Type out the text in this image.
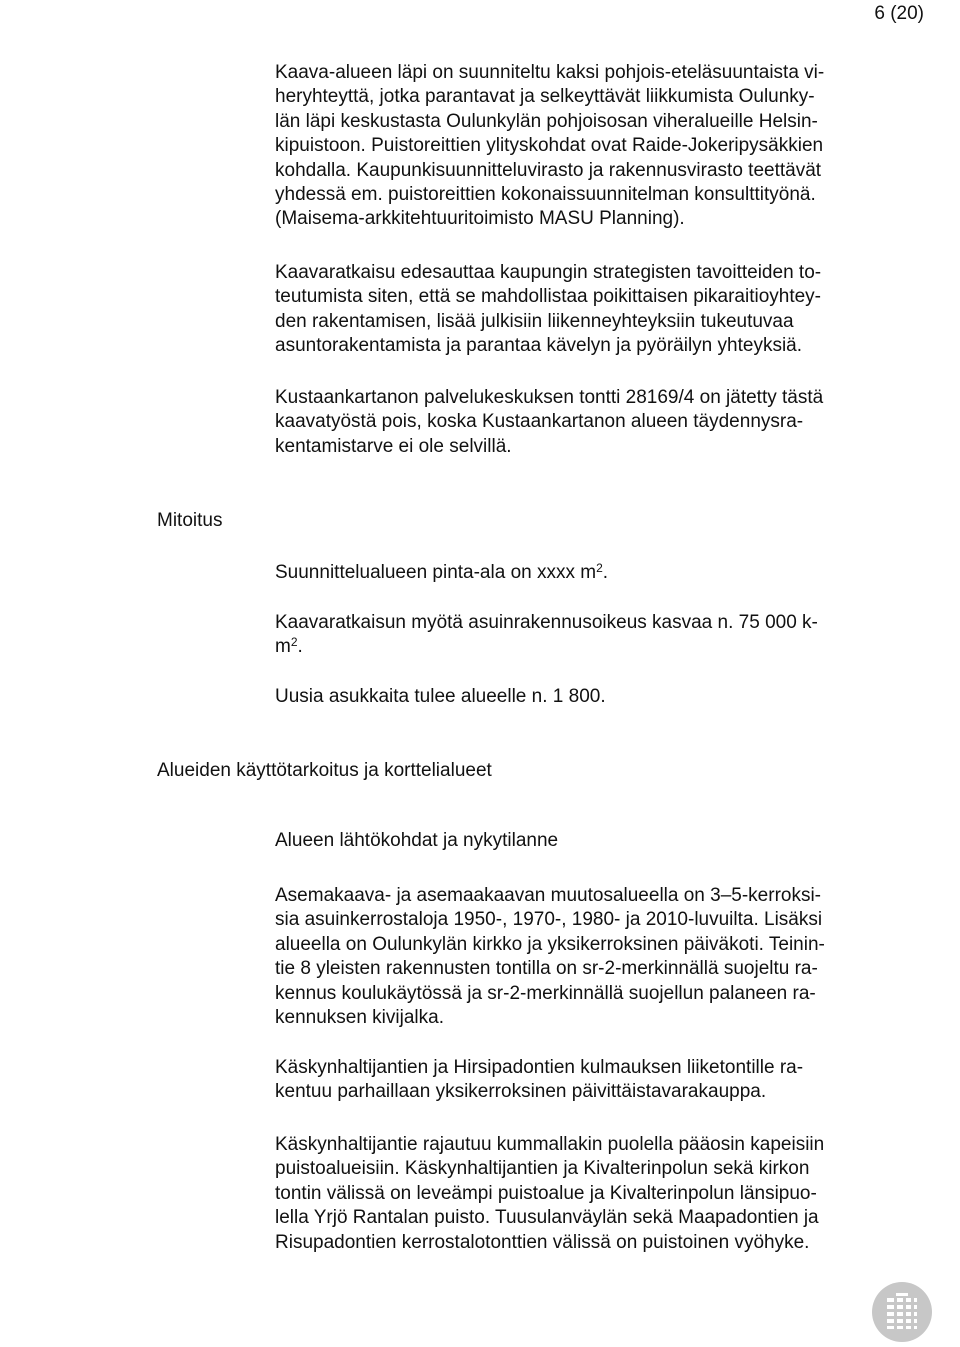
6 (20)
Kaava-alueen läpi on suunniteltu kaksi pohjois-eteläsuuntaista vi-
heryhteyttä, jotka parantavat ja selkeyttävät liikkumista Oulunky-
län läpi keskustasta Oulunkylän pohjoisosan viheralueille Helsin-
kipuistoon. Puistoreittien ylityskohdat ovat Raide-Jokeripysäkkien
kohdalla. Kaupunkisuunnitteluvirasto ja rakennusvirasto teettävät
yhdessä em. puistoreittien kokonaissuunnitelman konsulttityönä.
(Maisema-arkkitehtuuritoimisto MASU Planning).
Kaavaratkaisu edesauttaa kaupungin strategisten tavoitteiden to-
teutumista siten, että se mahdollistaa poikittaisen pikaraitioyhtey-
den rakentamisen, lisää julkisiin liikenneyhteyksiin tukeutuvaa
asuntorakentamista ja parantaa kävelyn ja pyöräilyn yhteyksiä.
Kustaankartanon palvelukeskuksen tontti 28169/4 on jätetty tästä
kaavatyöstä pois, koska Kustaankartanon alueen täydennysra-
kentamistarve ei ole selvillä.
Mitoitus
Suunnittelualueen pinta-ala on xxxx $m^2$.
Kaavaratkaisun myötä asuinrakennusoikeus kasvaa n. 75 000 k-
$m^2$.
Uusia asukkaita tulee alueelle n. 1 800.
Alueiden käyttötarkoitus ja korttelialueet
Alueen lähtökohdat ja nykytilanne
Asemakaava- ja asemaakaavan muutosalueella on 3‒5-kerroksi-
sia asuinkerrostaloja 1950-, 1970-, 1980- ja 2010-luvuilta. Lisäksi
alueella on Oulunkylän kirkko ja yksikerroksinen päiväkoti. Teinin-
tie 8 yleisten rakennusten tontilla on sr-2-merkinnällä suojeltu ra-
kennus koulukäytössä ja sr-2-merkinnällä suojellun palaneen ra-
kennuksen kivijalka.
Käskynhaltijantien ja Hirsipadontien kulmauksen liiketontille ra-
kentuu parhaillaan yksikerroksinen päivittäistavarakauppa.
Käskynhaltijantie rajautuu kummallakin puolella pääosin kapeisiin
puistoalueisiin. Käskynhaltijantien ja Kivalterinpolun sekä kirkon
tontin välissä on leveämpi puistoalue ja Kivalterinpolun länsipuo-
lella Yrjö Rantalan puisto. Tuusulanväylän sekä Maapadontien ja
Risupadontien kerrostalotonttien välissä on puistoinen vyöhyke.
